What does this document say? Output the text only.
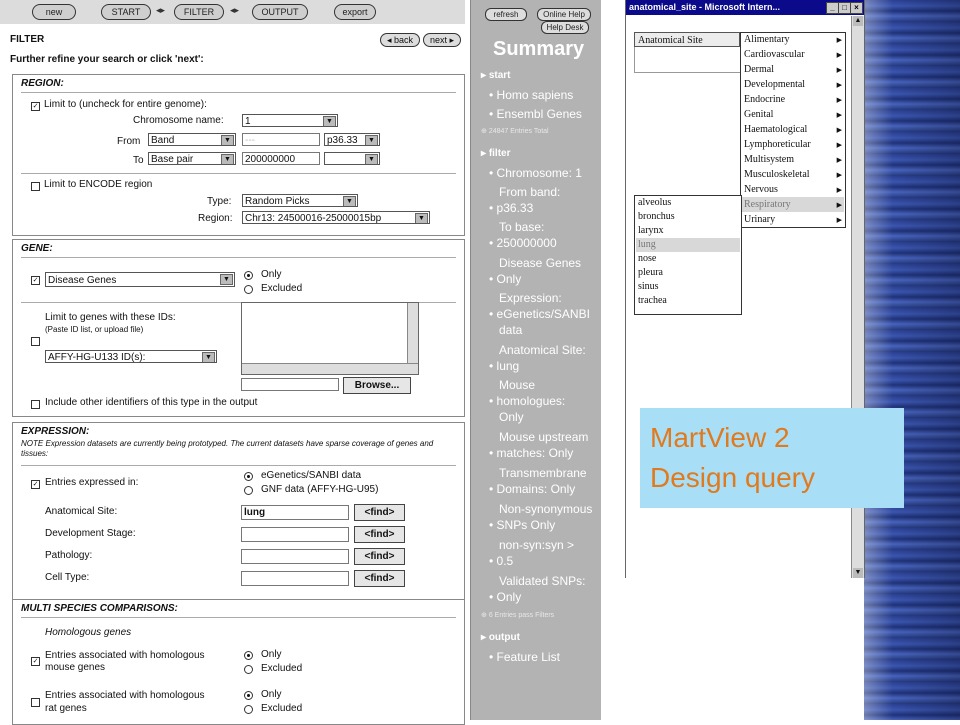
new	START	◂▸	FILTER	◂▸	OUTPUT	export
FILTER	◂ back	next ▸
Further refine your search or click 'next':
REGION:
✓ Limit to (uncheck for entire genome):
Chromosome name:	1	▼
From	Band	▼	---	p36.33	▼
To Base pair	▼	200000000	▼
Limit to ENCODE region
Type:	Random Picks	▼
Region:	Chr13: 24500016-25000015bp	▼
GENE:
✓ Disease Genes	▼	Only
Excluded
Limit to genes with these IDs:
(Paste ID list, or upload file)
AFFY-HG-U133 ID(s):	▼
Browse...
Include other identifiers of this type in the output
EXPRESSION:
NOTE Expression datasets are currently being prototyped. The current datasets have sparse coverage of genes and tissues:
✓ Entries expressed in:
eGenetics/SANBI data
GNF data (AFFY-HG-U95)
Anatomical Site:	lung	<find>
Development Stage:	<find>
Pathology:	<find>
Cell Type:	<find>
MULTI SPECIES COMPARISONS:
Homologous genes
✓
Entries associated with homologous
mouse genes
Only
Excluded
Entries associated with homologous
rat genes
Only
Excluded
refresh	Online Help
Help Desk
Summary
▸ start
• Homo sapiens
• Ensembl Genes
⊕ 24847 Entries Total
▸ filter
• Chromosome: 1
From band:
• p36.33
To base:
• 250000000
Disease Genes
• Only
Expression:
• eGenetics/SANBI
data
Anatomical Site:
• lung
Mouse
• homologues:
Only
Mouse upstream
• matches: Only
Transmembrane
• Domains: Only
Non-synonymous
• SNPs Only
non-syn:syn >
• 0.5
Validated SNPs:
• Only
⊕ 6 Entries pass Filters
▸ output
• Feature List
anatomical_site - Microsoft Intern...	_ □ ×
▲
▼
Anatomical Site	Alimentary	▶
Cardiovascular	▶
Dermal	▶
Developmental	▶
Endocrine	▶
Genital	▶
Haematological	▶
Lymphoreticular	▶
Multisystem	▶
Musculoskeletal	▶
Nervous	▶
Respiratory	▶
Urinary	▶
alveolus
bronchus
larynx
lung
nose
pleura
sinus
trachea
MartView 2
Design query
